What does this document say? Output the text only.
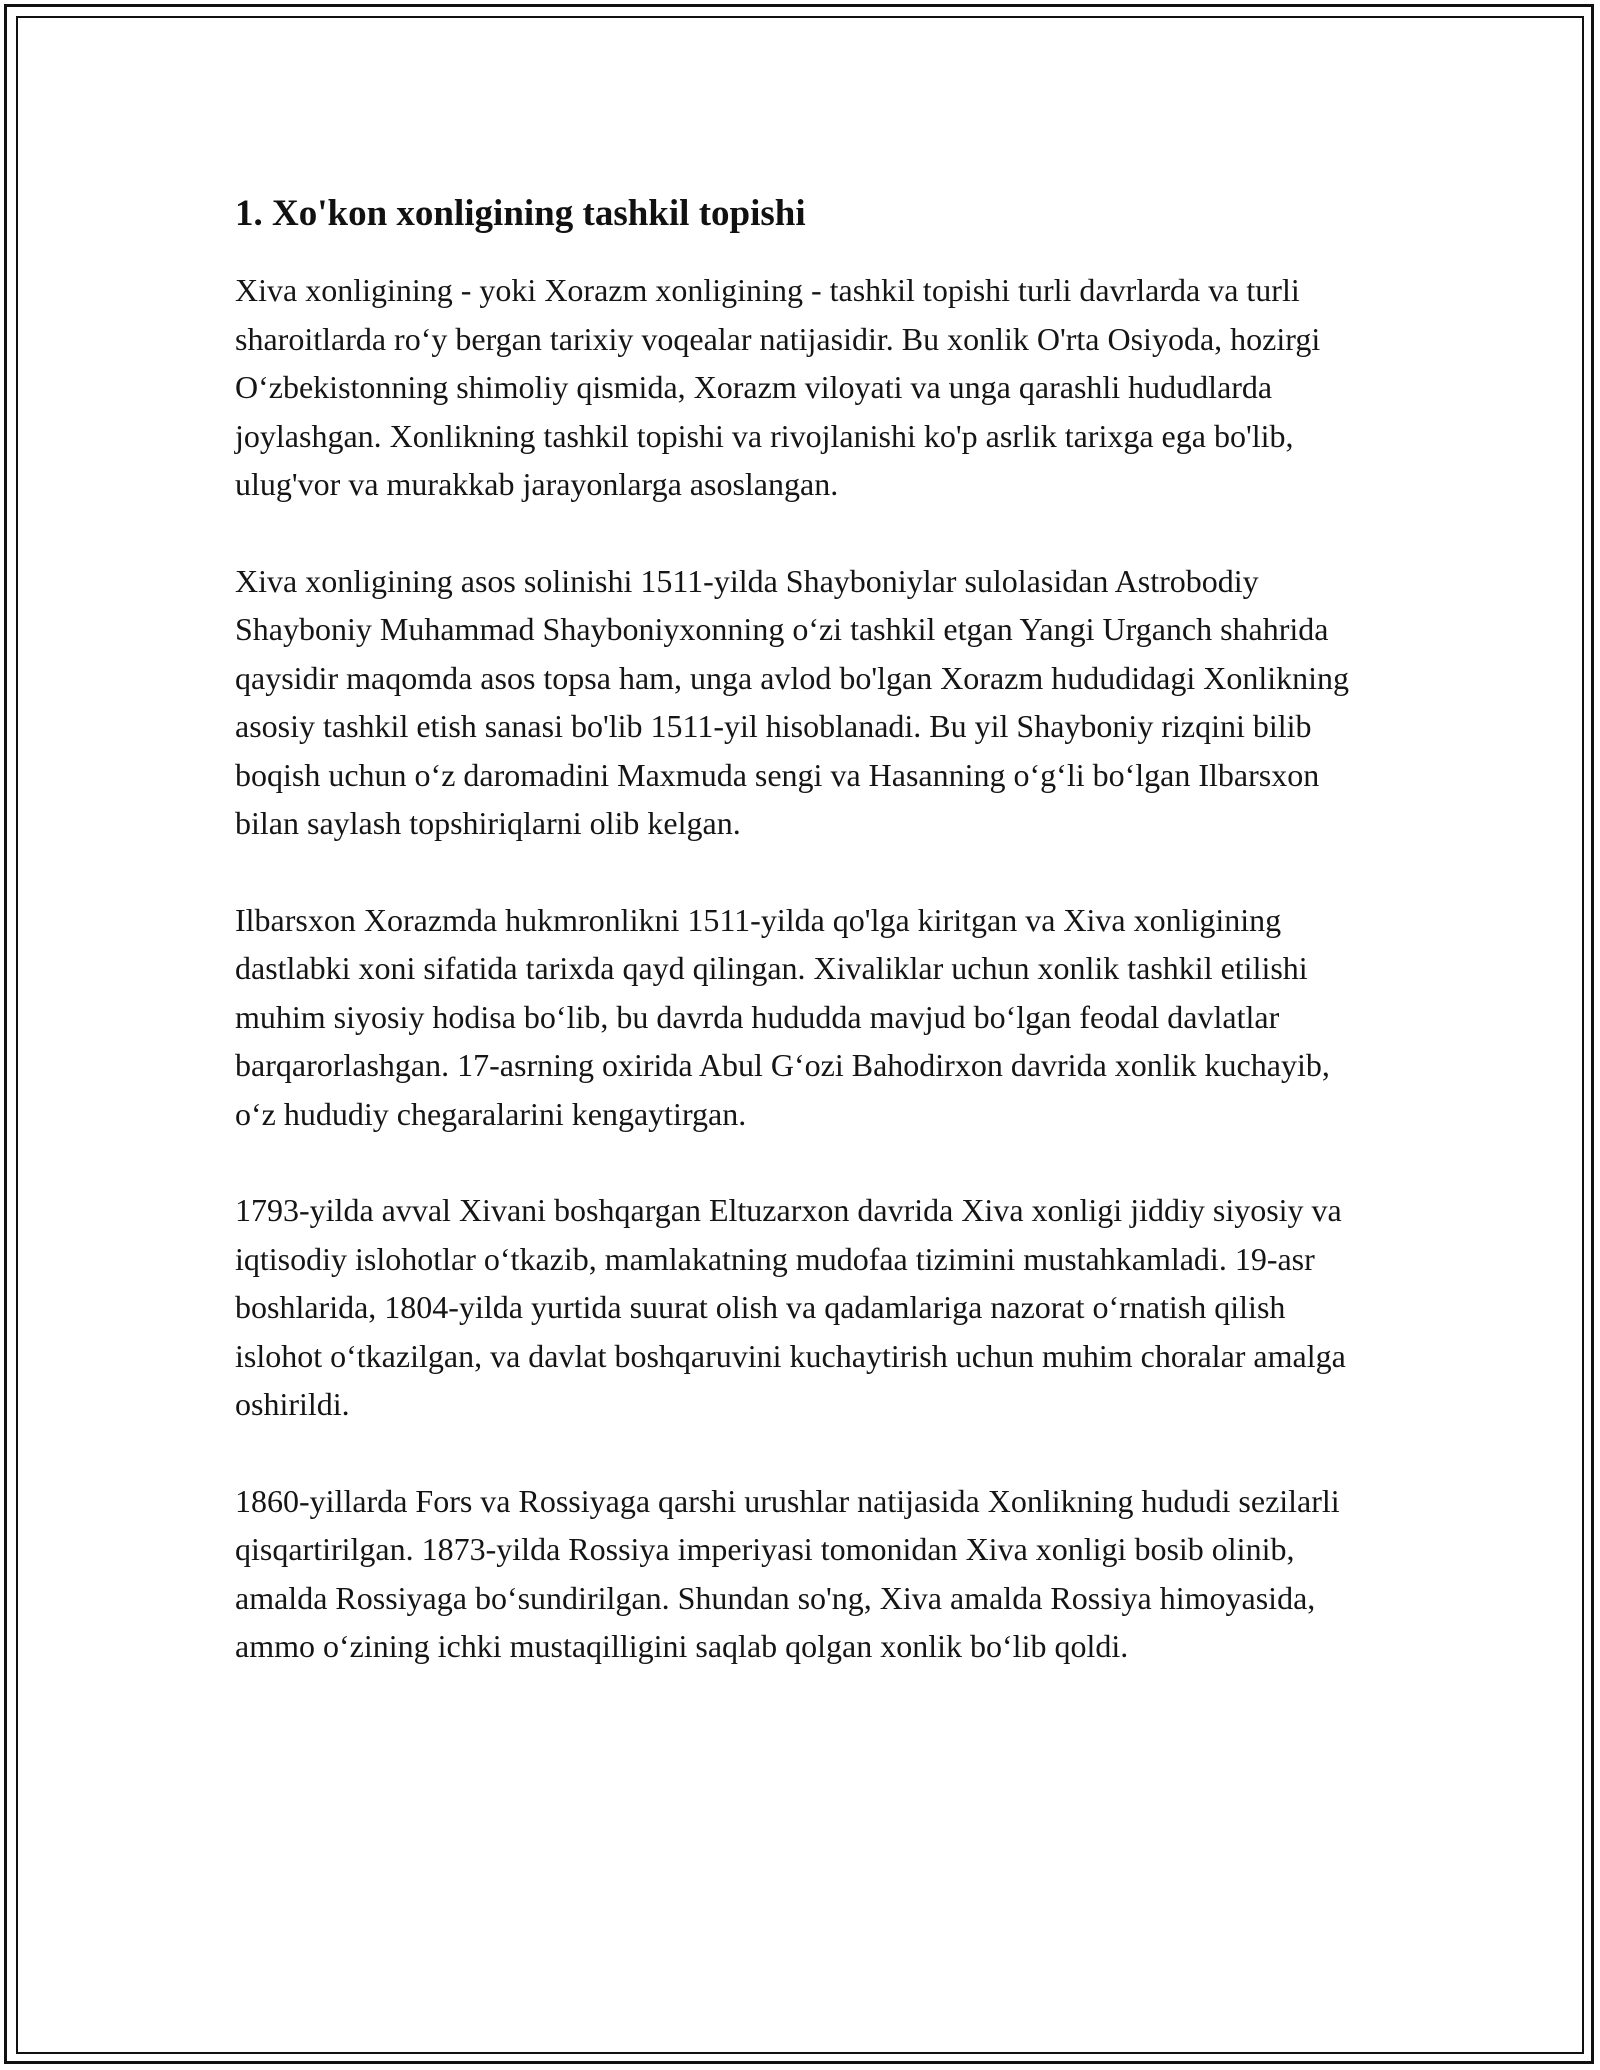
1. Xo'kon xonligining tashkil topishi

Xiva xonligining - yoki Xorazm xonligining - tashkil topishi turli davrlarda va turli sharoitlarda ro‘y bergan tarixiy voqealar natijasidir. Bu xonlik O'rta Osiyoda, hozirgi O‘zbekistonning shimoliy qismida, Xorazm viloyati va unga qarashli hududlarda joylashgan. Xonlikning tashkil topishi va rivojlanishi ko'p asrlik tarixga ega bo'lib, ulug'vor va murakkab jarayonlarga asoslangan.

Xiva xonligining asos solinishi 1511-yilda Shayboniylar sulolasidan Astrobodiy Shayboniy Muhammad Shayboniyxonning o‘zi tashkil etgan Yangi Urganch shahrida qaysidir maqomda asos topsa ham, unga avlod bo'lgan Xorazm hududidagi Xonlikning asosiy tashkil etish sanasi bo'lib 1511-yil hisoblanadi. Bu yil Shayboniy rizqini bilib boqish uchun o‘z daromadini Maxmuda sengi va Hasanning o‘g‘li bo‘lgan Ilbarsxon bilan saylash topshiriqlarni olib kelgan.

Ilbarsxon Xorazmda hukmronlikni 1511-yilda qo'lga kiritgan va Xiva xonligining dastlabki xoni sifatida tarixda qayd qilingan. Xivaliklar uchun xonlik tashkil etilishi muhim siyosiy hodisa bo‘lib, bu davrda hududda mavjud bo‘lgan feodal davlatlar barqarorlashgan. 17-asrning oxirida Abul G‘ozi Bahodirxon davrida xonlik kuchayib, o‘z hududiy chegaralarini kengaytirgan.

1793-yilda avval Xivani boshqargan Eltuzarxon davrida Xiva xonligi jiddiy siyosiy va iqtisodiy islohotlar o‘tkazib, mamlakatning mudofaa tizimini mustahkamladi. 19-asr boshlarida, 1804-yilda yurtida suurat olish va qadamlariga nazorat o‘rnatish qilish islohot o‘tkazilgan, va davlat boshqaruvini kuchaytirish uchun muhim choralar amalga oshirildi.

1860-yillarda Fors va Rossiyaga qarshi urushlar natijasida Xonlikning hududi sezilarli qisqartirilgan. 1873-yilda Rossiya imperiyasi tomonidan Xiva xonligi bosib olinib, amalda Rossiyaga bo‘sundirilgan. Shundan so'ng, Xiva amalda Rossiya himoyasida, ammo o‘zining ichki mustaqilligini saqlab qolgan xonlik bo‘lib qoldi.
